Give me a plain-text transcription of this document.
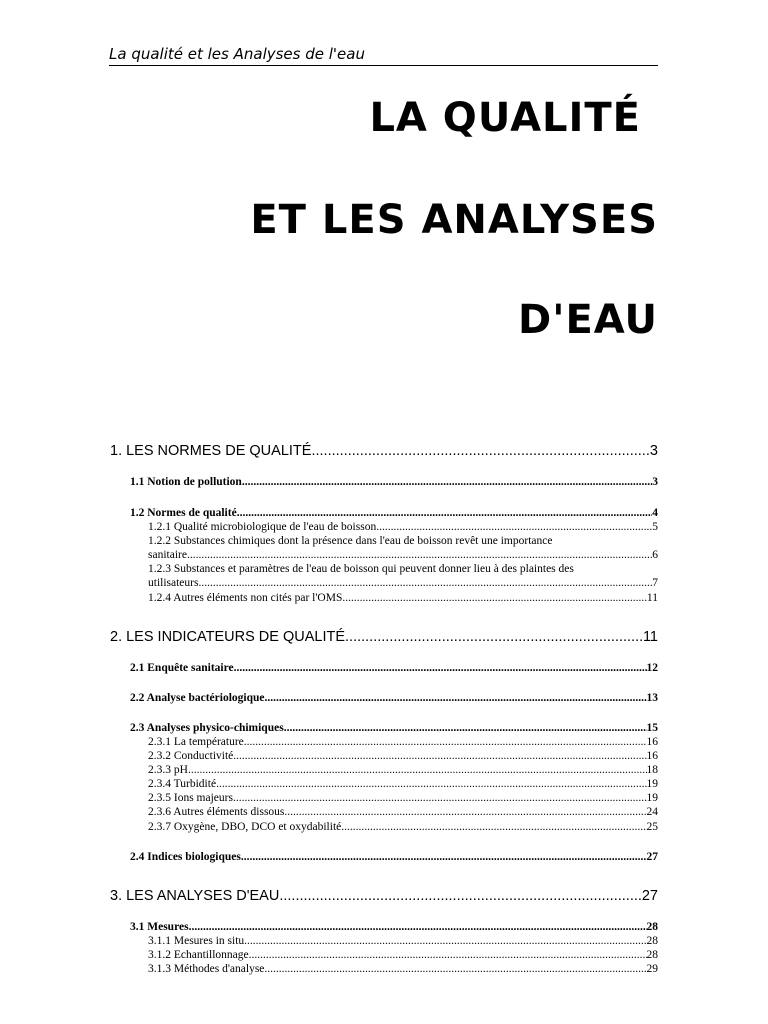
La qualité et les Analyses de l'eau
LA QUALITÉ
ET LES ANALYSES
D'EAU
1. LES NORMES DE QUALITÉ .....	3
1.1 Notion de pollution .....	3
1.2 Normes de qualité .....	4
1.2.1 Qualité microbiologique de l'eau de boisson .....	5
1.2.2 Substances chimiques dont la présence dans l'eau de boisson revêt une importance
sanitaire .....	6
1.2.3 Substances et paramètres de l'eau de boisson qui peuvent donner lieu à des plaintes des
utilisateurs .....	7
1.2.4 Autres éléments non cités par l'OMS .....	11
2. LES INDICATEURS DE QUALITÉ .....	11
2.1 Enquête sanitaire .....	12
2.2 Analyse bactériologique .....	13
2.3 Analyses physico-chimiques .....	15
2.3.1 La température .....	16
2.3.2 Conductivité .....	16
2.3.3 pH .....	18
2.3.4 Turbidité .....	19
2.3.5 Ions majeurs .....	19
2.3.6 Autres éléments dissous .....	24
2.3.7 Oxygène, DBO, DCO et oxydabilité .....	25
2.4 Indices biologiques .....	27
3. LES ANALYSES D'EAU .....	27
3.1 Mesures .....	28
3.1.1 Mesures in situ .....	28
3.1.2 Echantillonnage .....	28
3.1.3 Méthodes d'analyse .....	29
